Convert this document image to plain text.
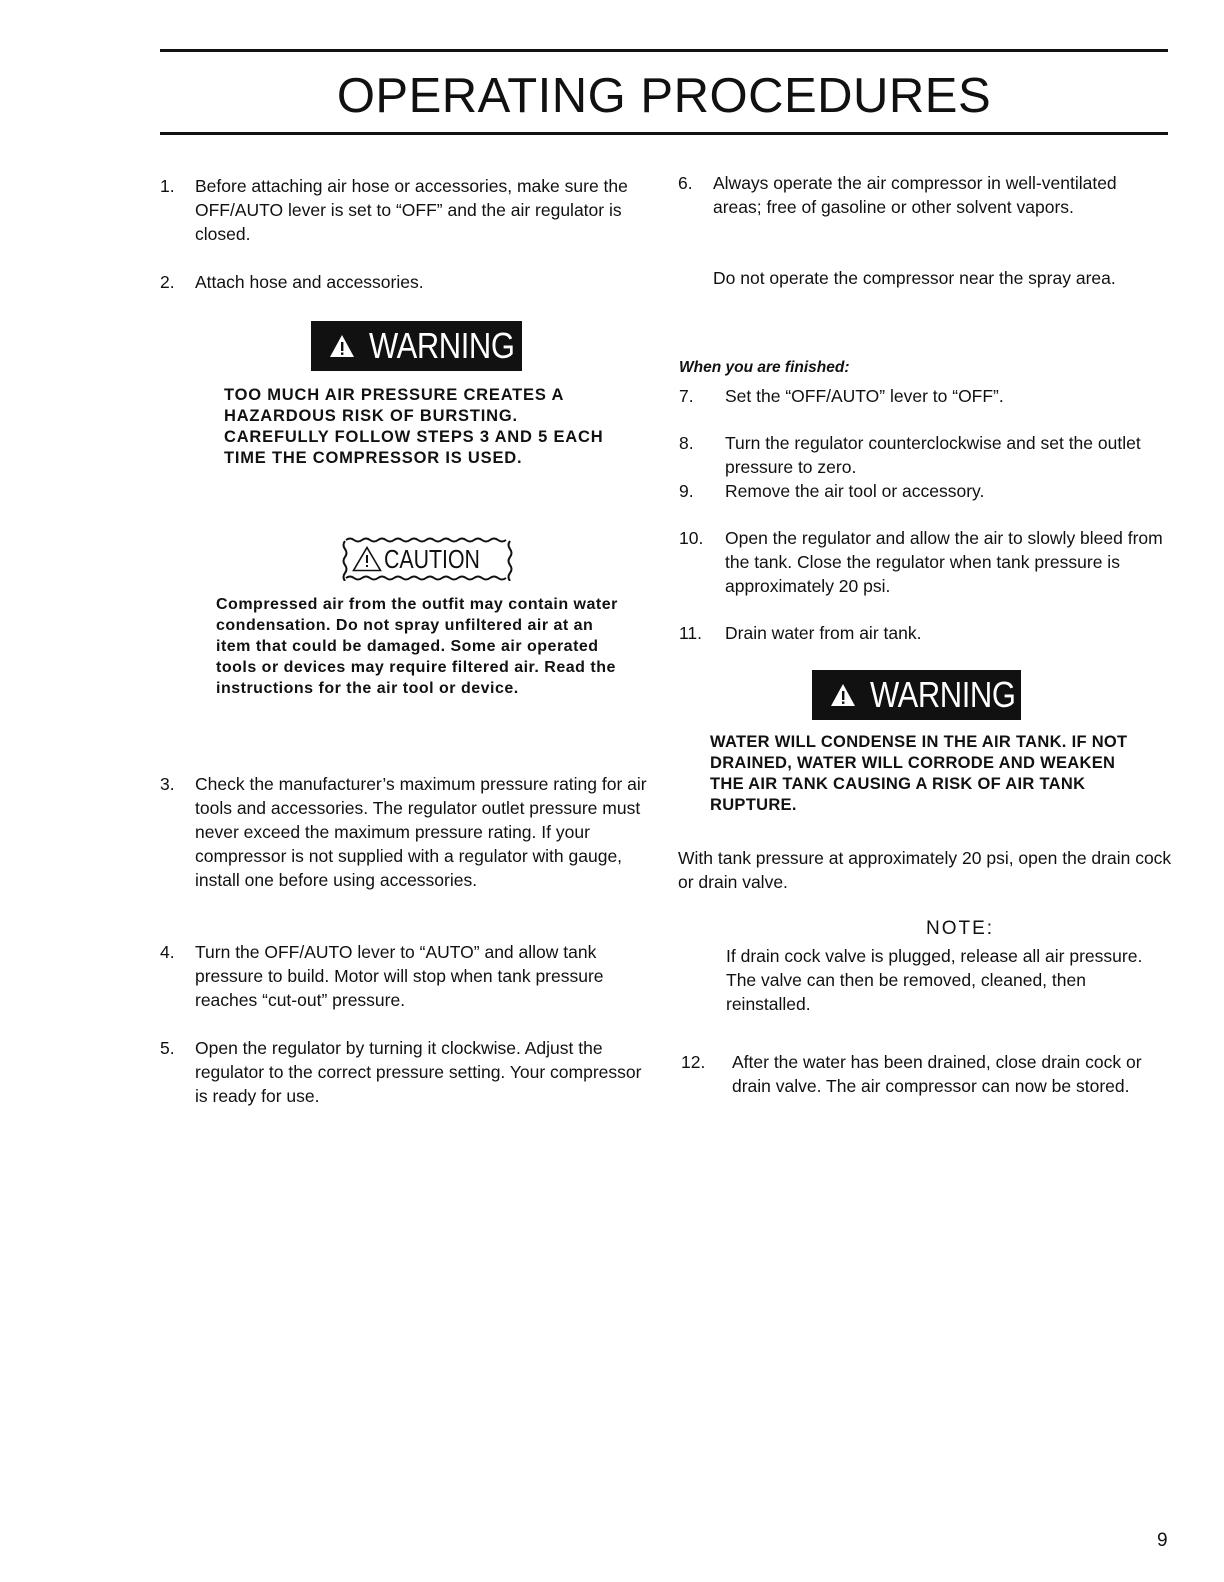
OPERATING PROCEDURES
1. Before attaching air hose or accessories, make sure the OFF/AUTO lever is set to “OFF” and the air regulator is closed.
2. Attach hose and accessories.
WARNING
TOO MUCH AIR PRESSURE CREATES A HAZARDOUS RISK OF BURSTING. CAREFULLY FOLLOW STEPS 3 AND 5 EACH TIME THE COMPRESSOR IS USED.
CAUTION
Compressed air from the outfit may contain water condensation. Do not spray unfiltered air at an item that could be damaged. Some air operated tools or devices may require filtered air. Read the instructions for the air tool or device.
3. Check the manufacturer’s maximum pressure rating for air tools and accessories. The regulator outlet pressure must never exceed the maximum pressure rating. If your compressor is not supplied with a regulator with gauge, install one before using accessories.
4. Turn the OFF/AUTO lever to “AUTO” and allow tank pressure to build. Motor will stop when tank pressure reaches “cut-out” pressure.
5. Open the regulator by turning it clockwise. Adjust the regulator to the correct pressure setting. Your compressor is ready for use.
6. Always operate the air compressor in well-ventilated areas; free of gasoline or other solvent vapors.
Do not operate the compressor near the spray area.
When you are finished:
7. Set the “OFF/AUTO” lever to “OFF”.
8. Turn the regulator counterclockwise and set the outlet pressure to zero.
9. Remove the air tool or accessory.
10. Open the regulator and allow the air to slowly bleed from the tank. Close the regulator when tank pressure is approximately 20 psi.
11. Drain water from air tank.
WARNING
WATER WILL CONDENSE IN THE AIR TANK. IF NOT DRAINED, WATER WILL CORRODE AND WEAKEN THE AIR TANK CAUSING A RISK OF AIR TANK RUPTURE.
With tank pressure at approximately 20 psi, open the drain cock or drain valve.
NOTE:
If drain cock valve is plugged, release all air pressure. The valve can then be removed, cleaned, then reinstalled.
12. After the water has been drained, close drain cock or drain valve. The air compressor can now be stored.
9
